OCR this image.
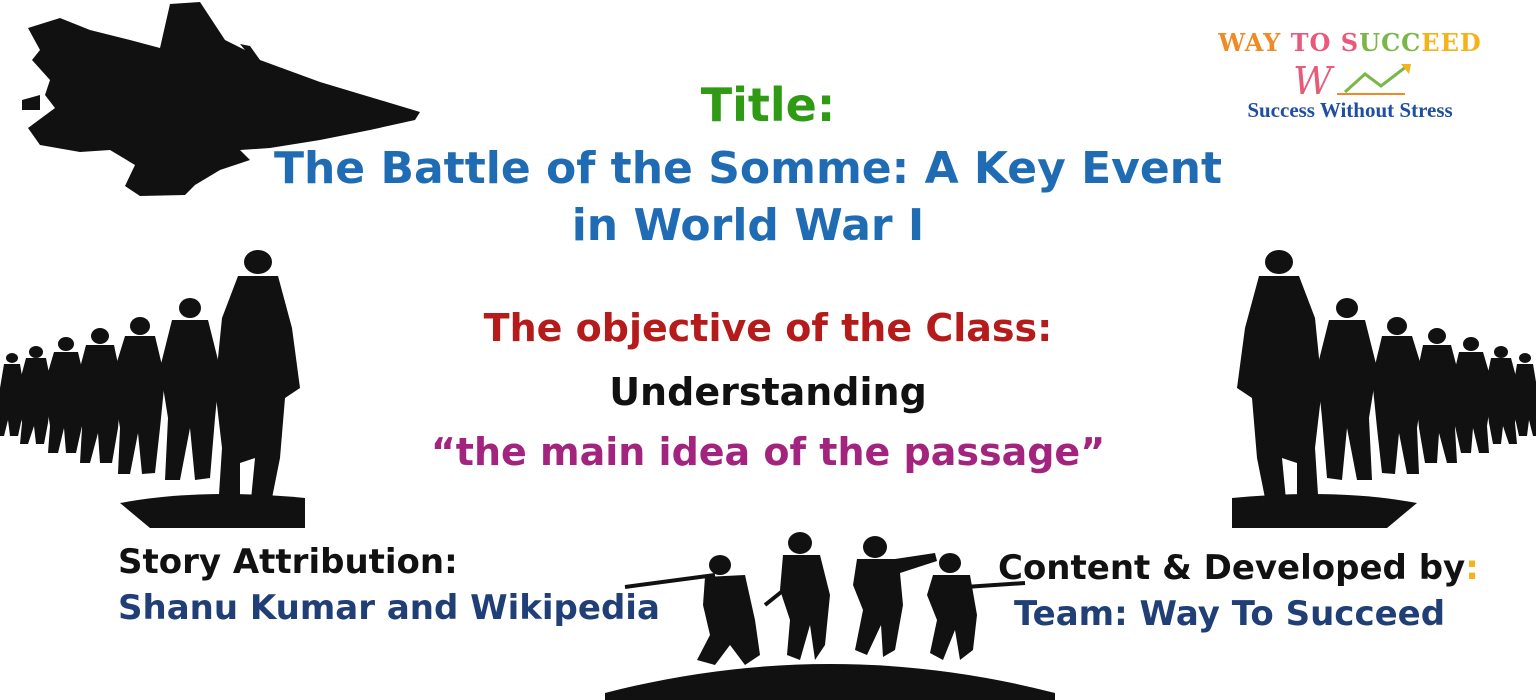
WAY TO SUCCEED
W
Success Without Stress
Title:
The Battle of the Somme: A Key Event in World War I
The objective of the Class:
Understanding
“the main idea of the passage”
Story Attribution:
Shanu Kumar and Wikipedia
Content & Developed by:
Team: Way To Succeed
